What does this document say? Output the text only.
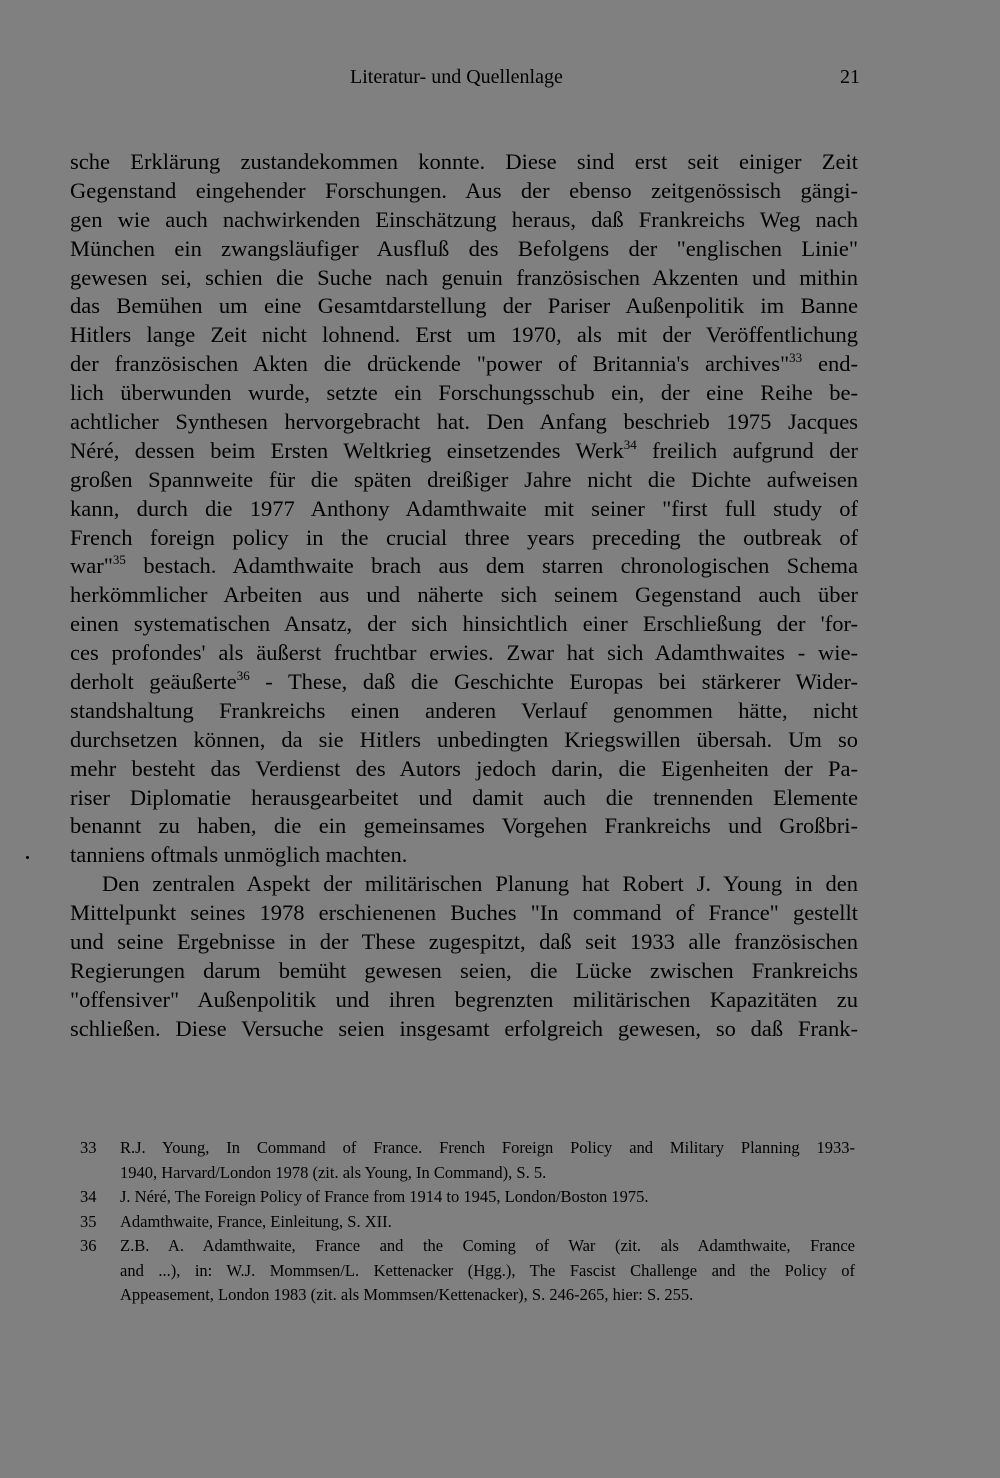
Literatur- und Quellenlage	21
sche Erklärung zustandekommen konnte. Diese sind erst seit einiger Zeit
Gegenstand eingehender Forschungen. Aus der ebenso zeitgenössisch gängi-
gen wie auch nachwirkenden Einschätzung heraus, daß Frankreichs Weg nach
München ein zwangsläufiger Ausfluß des Befolgens der "englischen Linie"
gewesen sei, schien die Suche nach genuin französischen Akzenten und mithin
das Bemühen um eine Gesamtdarstellung der Pariser Außenpolitik im Banne
Hitlers lange Zeit nicht lohnend. Erst um 1970, als mit der Veröffentlichung
der französischen Akten die drückende "power of Britannia's archives"$^{33}$ end-
lich überwunden wurde, setzte ein Forschungsschub ein, der eine Reihe be-
achtlicher Synthesen hervorgebracht hat. Den Anfang beschrieb 1975 Jacques
Néré, dessen beim Ersten Weltkrieg einsetzendes Werk$^{34}$ freilich aufgrund der
großen Spannweite für die späten dreißiger Jahre nicht die Dichte aufweisen
kann, durch die 1977 Anthony Adamthwaite mit seiner "first full study of
French foreign policy in the crucial three years preceding the outbreak of
war"$^{35}$ bestach. Adamthwaite brach aus dem starren chronologischen Schema
herkömmlicher Arbeiten aus und näherte sich seinem Gegenstand auch über
einen systematischen Ansatz, der sich hinsichtlich einer Erschließung der 'for-
ces profondes' als äußerst fruchtbar erwies. Zwar hat sich Adamthwaites - wie-
derholt geäußerte$^{36}$ - These, daß die Geschichte Europas bei stärkerer Wider-
standshaltung Frankreichs einen anderen Verlauf genommen hätte, nicht
durchsetzen können, da sie Hitlers unbedingten Kriegswillen übersah. Um so
mehr besteht das Verdienst des Autors jedoch darin, die Eigenheiten der Pa-
riser Diplomatie herausgearbeitet und damit auch die trennenden Elemente
benannt zu haben, die ein gemeinsames Vorgehen Frankreichs und Großbri-
tanniens oftmals unmöglich machten.
Den zentralen Aspekt der militärischen Planung hat Robert J. Young in den
Mittelpunkt seines 1978 erschienenen Buches "In command of France" gestellt
und seine Ergebnisse in der These zugespitzt, daß seit 1933 alle französischen
Regierungen darum bemüht gewesen seien, die Lücke zwischen Frankreichs
"offensiver" Außenpolitik und ihren begrenzten militärischen Kapazitäten zu
schließen. Diese Versuche seien insgesamt erfolgreich gewesen, so daß Frank-
33 R.J. Young, In Command of France. French Foreign Policy and Military Planning 1933-
1940, Harvard/London 1978 (zit. als Young, In Command), S. 5.
34 J. Néré, The Foreign Policy of France from 1914 to 1945, London/Boston 1975.
35 Adamthwaite, France, Einleitung, S. XII.
36 Z.B. A. Adamthwaite, France and the Coming of War (zit. als Adamthwaite, France
and ...), in: W.J. Mommsen/L. Kettenacker (Hgg.), The Fascist Challenge and the Policy of
Appeasement, London 1983 (zit. als Mommsen/Kettenacker), S. 246-265, hier: S. 255.
